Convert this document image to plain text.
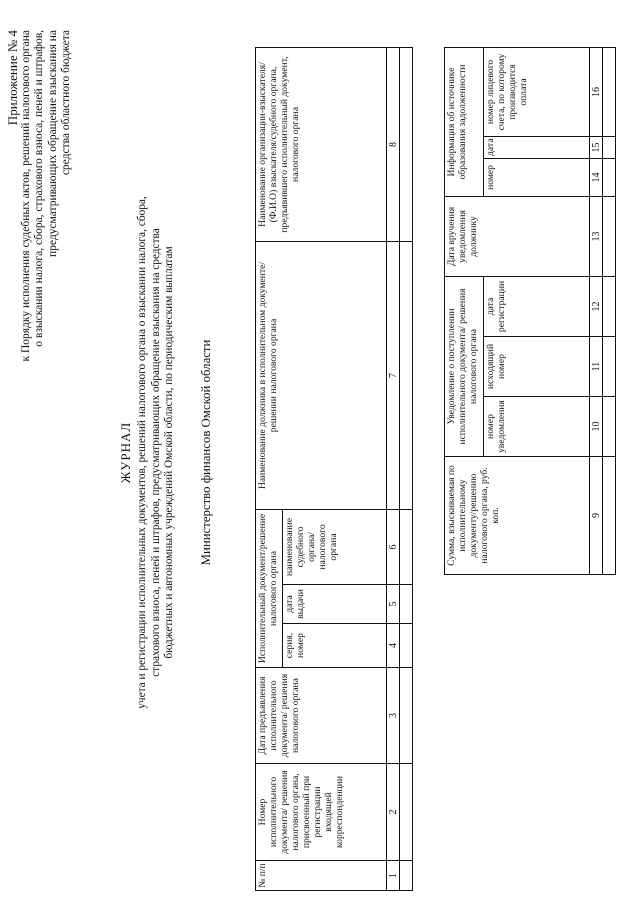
Приложение № 4 к Порядку исполнения судебных актов, решений налогового органа о взыскании налога, сбора, страхового взноса, пеней и штрафов, предусматривающих обращение взыскания на средства областного бюджета
ЖУРНАЛ учета и регистрации исполнительных документов, решений налогового органа о взыскании налога, сбора, страхового взноса, пеней и штрафов, предусматривающих обращение взыскания на средства бюджетных и автономных учреждений Омской области, по периодическим выплатам Министерство финансов Омской области
№ п/п	Номер исполнительного документа/ решения налогового органа, присвоенный при регистрации входящей корреспонденции	Дата предъявления исполнительного документа/ решения налогового органа	Исполнительный документ/решение налогового органа			Наименование должника в исполнительном документе/решении налогового органа	Наименование организации-взыскателя/ (Ф.И.О) взыскателя/судебного органа, предъявившего исполнительный документ, налогового органа
			серия, номер	дата выдачи	наименование судебного органа/ налогового органа		
1	2	3	4	5	6	7	8

Сумма, взыскиваемая по исполнительному документу/решению налогового органа, руб. коп.	Уведомление о поступлении исполнительного документа/ решения налогового органа			Дата вручения уведомления должнику	Информация об источнике образования задолженности		
	номер уведомления	исходящий номер	дата регистрации		номер	дата	номер лицевого счета, по которому производится оплата
9	10	11	12	13	14	15	16
